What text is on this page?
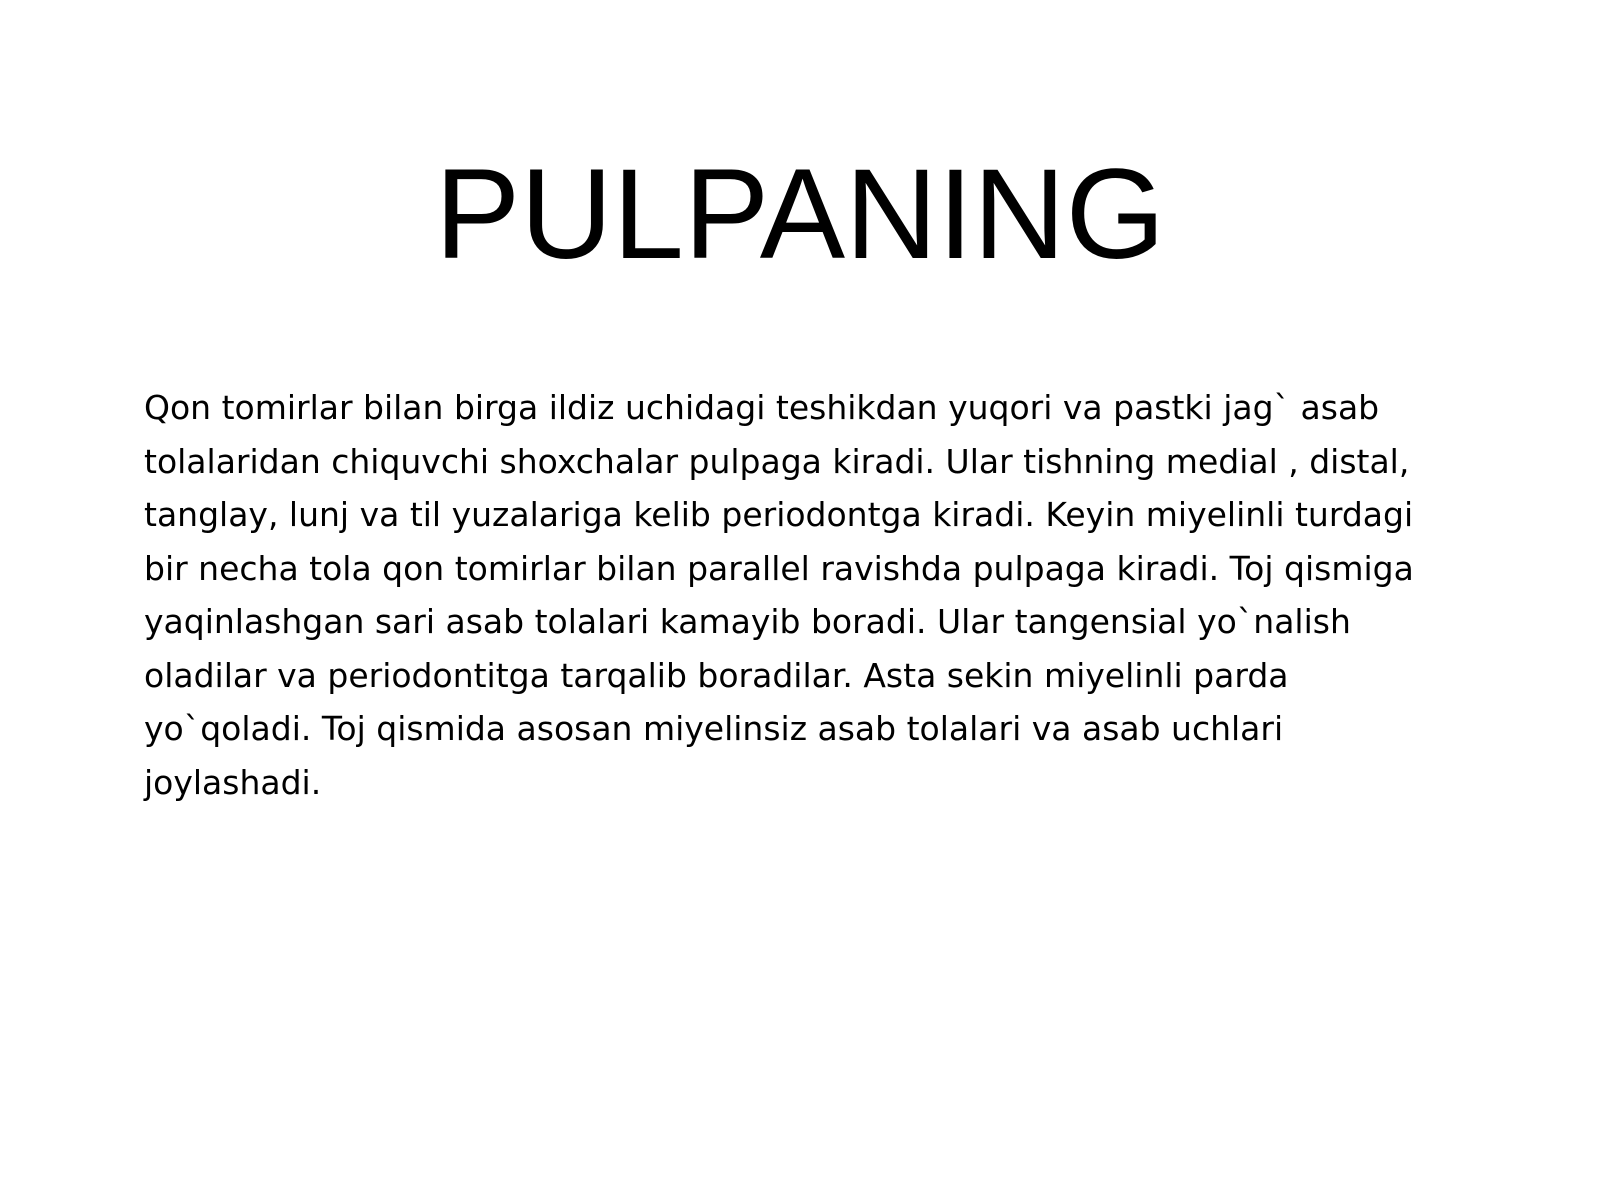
PULPANING
Qon tomirlar bilan birga ildiz uchidagi teshikdan yuqori va pastki jag` asab
tolalaridan chiquvchi shoxchalar pulpaga kiradi. Ular tishning medial , distal,
tanglay, lunj va til yuzalariga kelib periodontga kiradi. Keyin miyelinli turdagi
bir necha tola qon tomirlar bilan parallel ravishda pulpaga kiradi. Toj qismiga
yaqinlashgan sari asab tolalari kamayib boradi. Ular tangensial yo`nalish
oladilar va periodontitga tarqalib boradilar. Asta sekin miyelinli parda
yo`qoladi. Toj qismida asosan miyelinsiz asab tolalari va asab uchlari
joylashadi.
